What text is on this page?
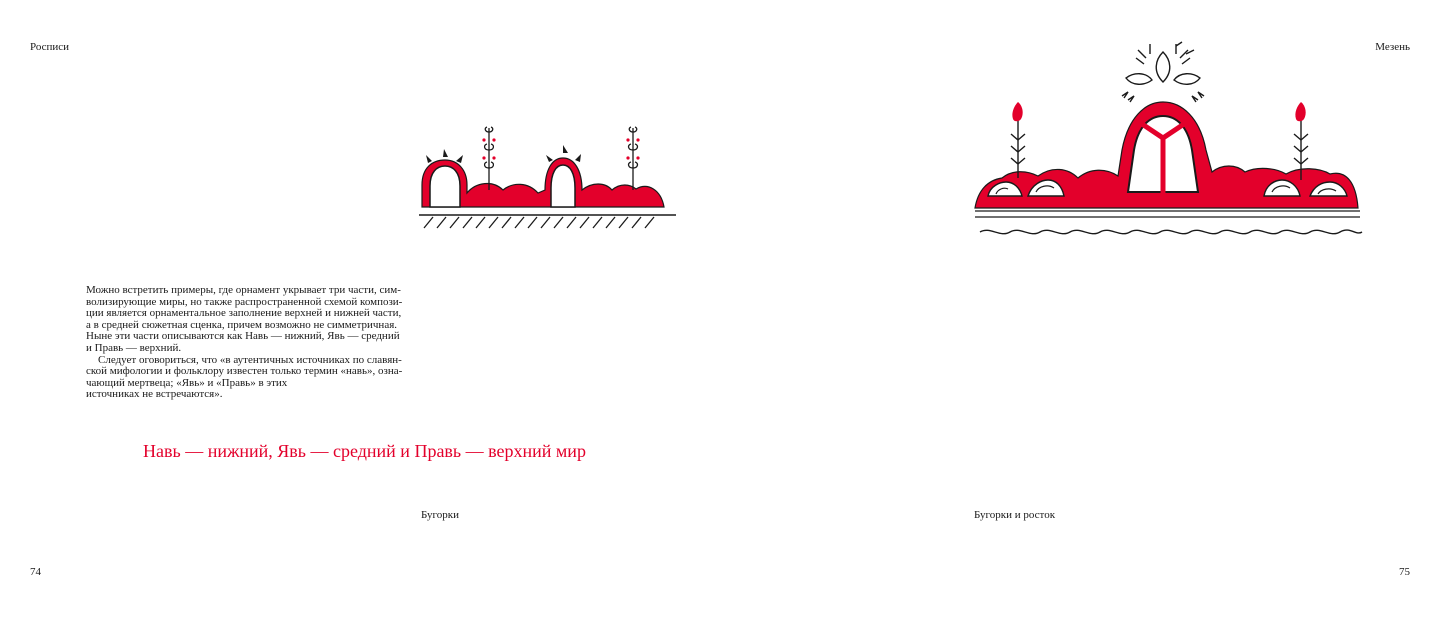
Росписи	Мезень

Можно встретить примеры, где орнамент укрывает три части, сим-
волизирующие миры, но также распространенной схемой компози-
ции является орнаментальное заполнение верхней и нижней части,
а в средней сюжетная сценка, причем возможно не симметричная.
Ныне эти части описываются как Навь — нижний, Явь — средний
и Правь — верхний.

Следует оговориться, что «в аутентичных источниках по славян-
ской мифологии и фольклору известен только термин «навь», озна-
чающий мертвеца; «Явь» и «Правь» в этих
источниках не встречаются».

Навь — нижний, Явь — средний и Правь — верхний мир
Бугорки	Бугорки и росток
74	75
